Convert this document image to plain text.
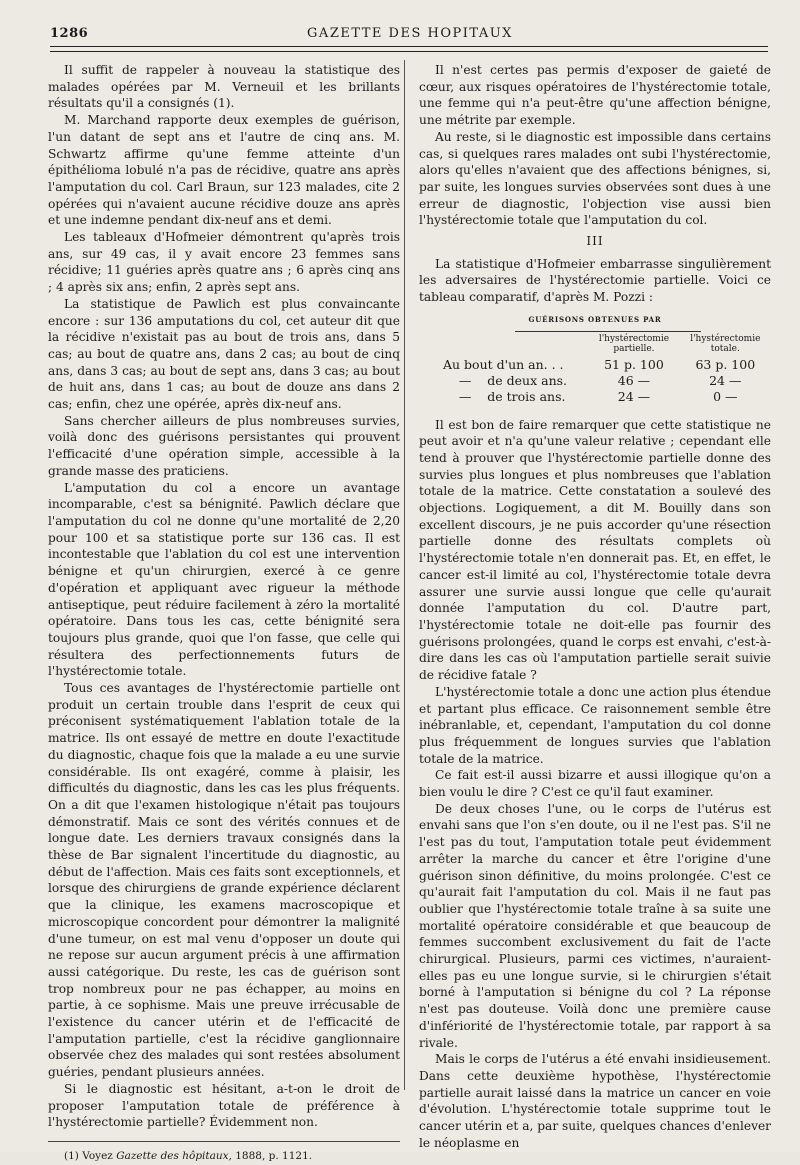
1286	GAZETTE DES HOPITAUX

Il suffit de rappeler à nouveau la statistique des malades opérées par M. Verneuil et les brillants résultats qu'il a consignés (1).

M. Marchand rapporte deux exemples de guérison, l'un datant de sept ans et l'autre de cinq ans. M. Schwartz affirme qu'une femme atteinte d'un épithélioma lobulé n'a pas de récidive, quatre ans après l'amputation du col. Carl Braun, sur 123 malades, cite 2 opérées qui n'avaient aucune récidive douze ans après et une indemne pendant dix-neuf ans et demi.

Les tableaux d'Hofmeier démontrent qu'après trois ans, sur 49 cas, il y avait encore 23 femmes sans récidive; 11 guéries après quatre ans ; 6 après cinq ans ; 4 après six ans; enfin, 2 après sept ans.

La statistique de Pawlich est plus convaincante encore : sur 136 amputations du col, cet auteur dit que la récidive n'existait pas au bout de trois ans, dans 5 cas; au bout de quatre ans, dans 2 cas; au bout de cinq ans, dans 3 cas; au bout de sept ans, dans 3 cas; au bout de huit ans, dans 1 cas; au bout de douze ans dans 2 cas; enfin, chez une opérée, après dix-neuf ans.

Sans chercher ailleurs de plus nombreuses survies, voilà donc des guérisons persistantes qui prouvent l'efficacité d'une opération simple, accessible à la grande masse des praticiens.

L'amputation du col a encore un avantage incomparable, c'est sa bénignité. Pawlich déclare que l'amputation du col ne donne qu'une mortalité de 2,20 pour 100 et sa statistique porte sur 136 cas. Il est incontestable que l'ablation du col est une intervention bénigne et qu'un chirurgien, exercé à ce genre d'opération et appliquant avec rigueur la méthode antiseptique, peut réduire facilement à zéro la mortalité opératoire. Dans tous les cas, cette bénignité sera toujours plus grande, quoi que l'on fasse, que celle qui résultera des perfectionnements futurs de l'hystérectomie totale.

Tous ces avantages de l'hystérectomie partielle ont produit un certain trouble dans l'esprit de ceux qui préconisent systématiquement l'ablation totale de la matrice. Ils ont essayé de mettre en doute l'exactitude du diagnostic, chaque fois que la malade a eu une survie considérable. Ils ont exagéré, comme à plaisir, les difficultés du diagnostic, dans les cas les plus fréquents. On a dit que l'examen histologique n'était pas toujours démonstratif. Mais ce sont des vérités connues et de longue date. Les derniers travaux consignés dans la thèse de Bar signalent l'incertitude du diagnostic, au début de l'affection. Mais ces faits sont exceptionnels, et lorsque des chirurgiens de grande expérience déclarent que la clinique, les examens macroscopique et microscopique concordent pour démontrer la malignité d'une tumeur, on est mal venu d'opposer un doute qui ne repose sur aucun argument précis à une affirmation aussi catégorique. Du reste, les cas de guérison sont trop nombreux pour ne pas échapper, au moins en partie, à ce sophisme. Mais une preuve irrécusable de l'existence du cancer utérin et de l'efficacité de l'amputation partielle, c'est la récidive ganglionnaire observée chez des malades qui sont restées absolument guéries, pendant plusieurs années.

Si le diagnostic est hésitant, a-t-on le droit de proposer l'amputation totale de préférence à l'hystérectomie partielle? Évidemment non.

(1) Voyez Gazette des hôpitaux, 1888, p. 1121.

Il n'est certes pas permis d'exposer de gaieté de cœur, aux risques opératoires de l'hystérectomie totale, une femme qui n'a peut-être qu'une affection bénigne, une métrite par exemple.

Au reste, si le diagnostic est impossible dans certains cas, si quelques rares malades ont subi l'hystérectomie, alors qu'elles n'avaient que des affections bénignes, si, par suite, les longues survies observées sont dues à une erreur de diagnostic, l'objection vise aussi bien l'hystérectomie totale que l'amputation du col.

III

La statistique d'Hofmeier embarrasse singulièrement les adversaires de l'hystérectomie partielle. Voici ce tableau comparatif, d'après M. Pozzi :

GUÉRISONS OBTENUES PAR
	l'hystérectomie partielle.	l'hystérectomie totale.
Au bout d'un an. . .	51 p. 100	63 p. 100
—    de deux ans.	46 —	24 —
—    de trois ans.	24 —	0 —

Il est bon de faire remarquer que cette statistique ne peut avoir et n'a qu'une valeur relative ; cependant elle tend à prouver que l'hystérectomie partielle donne des survies plus longues et plus nombreuses que l'ablation totale de la matrice. Cette constatation a soulevé des objections. Logiquement, a dit M. Bouilly dans son excellent discours, je ne puis accorder qu'une résection partielle donne des résultats complets où l'hystérectomie totale n'en donnerait pas. Et, en effet, le cancer est-il limité au col, l'hystérectomie totale devra assurer une survie aussi longue que celle qu'aurait donnée l'amputation du col. D'autre part, l'hystérectomie totale ne doit-elle pas fournir des guérisons prolongées, quand le corps est envahi, c'est-à-dire dans les cas où l'amputation partielle serait suivie de récidive fatale ?

L'hystérectomie totale a donc une action plus étendue et partant plus efficace. Ce raisonnement semble être inébranlable, et, cependant, l'amputation du col donne plus fréquemment de longues survies que l'ablation totale de la matrice.

Ce fait est-il aussi bizarre et aussi illogique qu'on a bien voulu le dire ? C'est ce qu'il faut examiner.

De deux choses l'une, ou le corps de l'utérus est envahi sans que l'on s'en doute, ou il ne l'est pas. S'il ne l'est pas du tout, l'amputation totale peut évidemment arrêter la marche du cancer et être l'origine d'une guérison sinon définitive, du moins prolongée. C'est ce qu'aurait fait l'amputation du col. Mais il ne faut pas oublier que l'hystérectomie totale traîne à sa suite une mortalité opératoire considérable et que beaucoup de femmes succombent exclusivement du fait de l'acte chirurgical. Plusieurs, parmi ces victimes, n'auraient-elles pas eu une longue survie, si le chirurgien s'était borné à l'amputation si bénigne du col ? La réponse n'est pas douteuse. Voilà donc une première cause d'infériorité de l'hystérectomie totale, par rapport à sa rivale.

Mais le corps de l'utérus a été envahi insidieusement. Dans cette deuxième hypothèse, l'hystérectomie partielle aurait laissé dans la matrice un cancer en voie d'évolution. L'hystérectomie totale supprime tout le cancer utérin et a, par suite, quelques chances d'enlever le néoplasme en
